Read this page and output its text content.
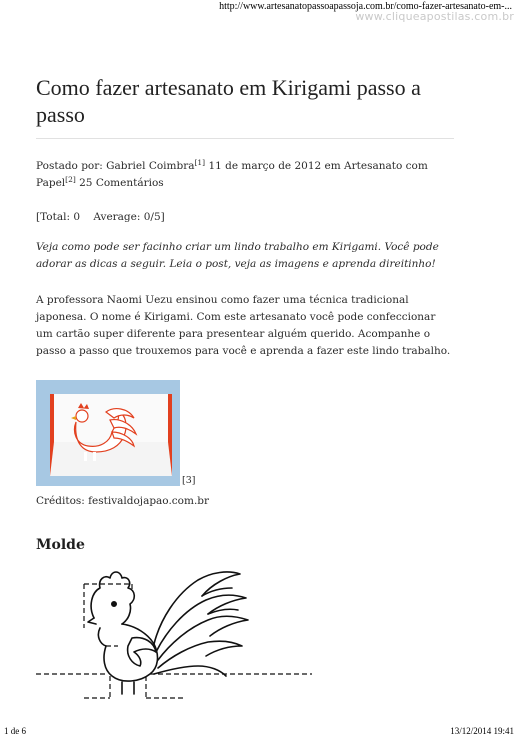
http://www.artesanatopassoapassoja.com.br/como-fazer-artesanato-em-...
www.cliqueapostilas.com.br
Como fazer artesanato em Kirigami passo a passo

Postado por: Gabriel Coimbra[1] 11 de março de 2012 em Artesanato com Papel[2] 25 Comentários

[Total: 0    Average: 0/5]

Veja como pode ser facinho criar um lindo trabalho em Kirigami. Você pode adorar as dicas a seguir. Leia o post, veja as imagens e aprenda direitinho!

A professora Naomi Uezu ensinou como fazer uma técnica tradicional japonesa. O nome é Kirigami. Com este artesanato você pode confeccionar um cartão super diferente para presentear alguém querido. Acompanhe o passo a passo que trouxemos para você e aprenda a fazer este lindo trabalho.

[3]

Créditos: festivaldojapao.com.br

Molde
1 de 6	13/12/2014 19:41
